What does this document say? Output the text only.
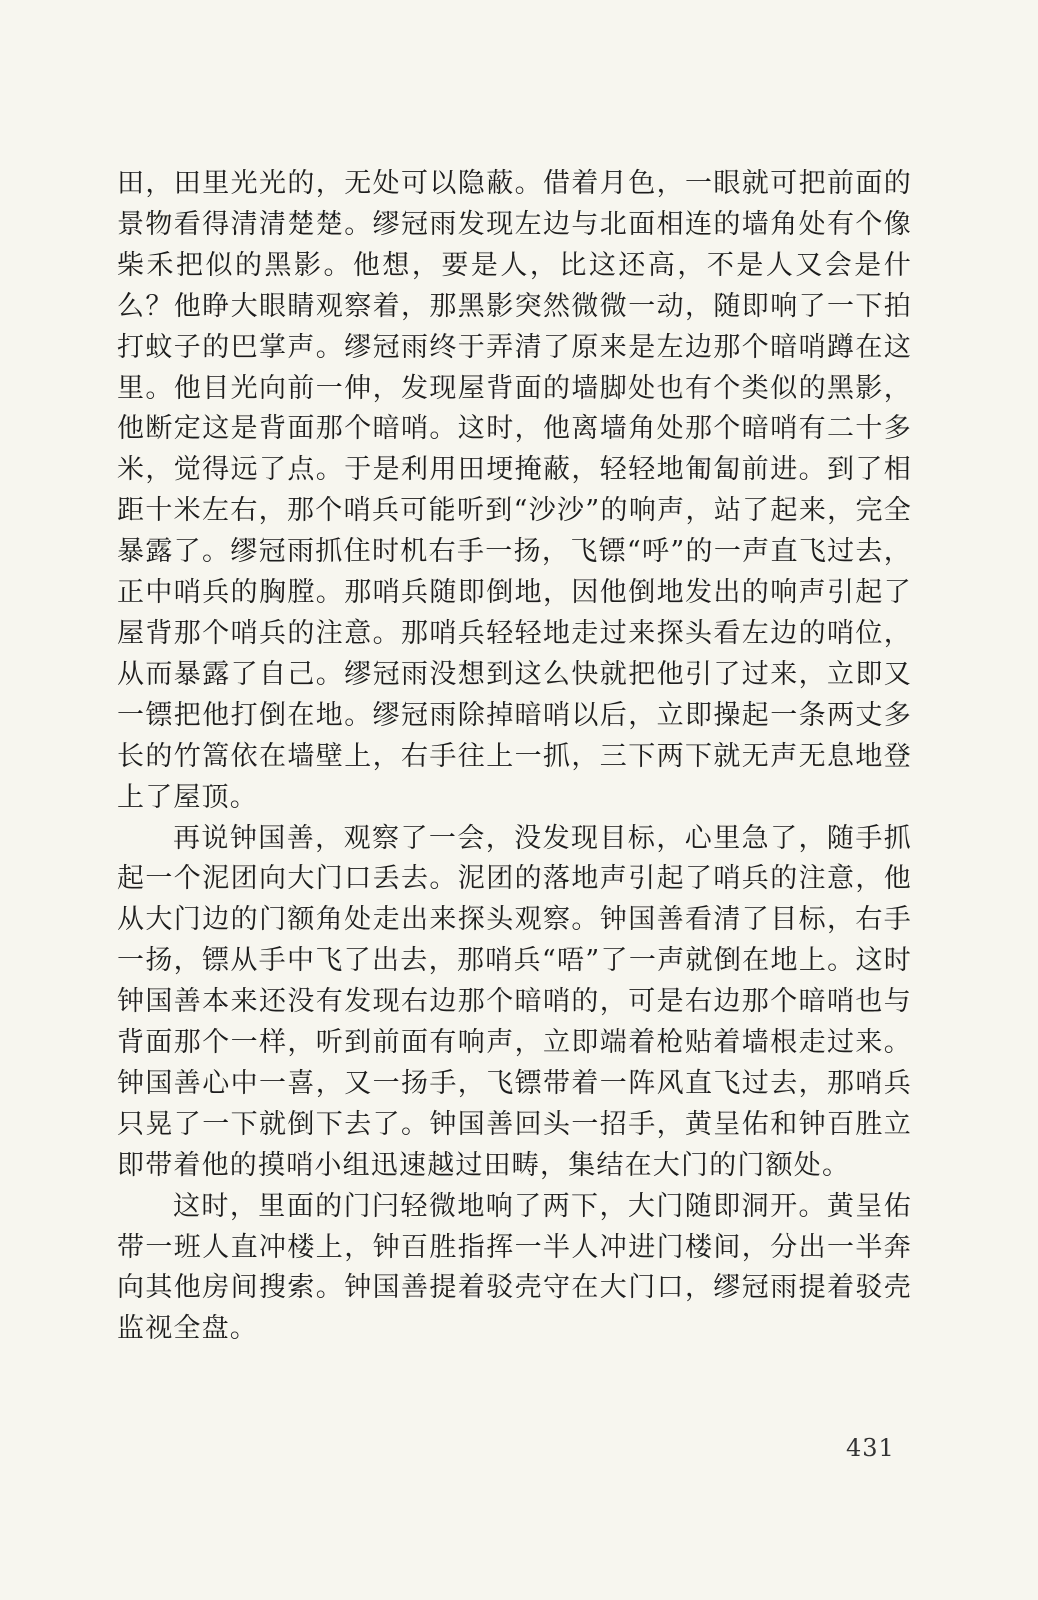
田，田里光光的，无处可以隐蔽。借着月色，一眼就可把前面的景物看得清清楚楚。缪冠雨发现左边与北面相连的墙角处有个像柴禾把似的黑影。他想，要是人，比这还高，不是人又会是什么？他睁大眼睛观察着，那黑影突然微微一动，随即响了一下拍打蚊子的巴掌声。缪冠雨终于弄清了原来是左边那个暗哨蹲在这里。他目光向前一伸，发现屋背面的墙脚处也有个类似的黑影，他断定这是背面那个暗哨。这时，他离墙角处那个暗哨有二十多米，觉得远了点。于是利用田埂掩蔽，轻轻地匍匐前进。到了相距十米左右，那个哨兵可能听到“沙沙”的响声，站了起来，完全暴露了。缪冠雨抓住时机右手一扬，飞镖“呼”的一声直飞过去，正中哨兵的胸膛。那哨兵随即倒地，因他倒地发出的响声引起了屋背那个哨兵的注意。那哨兵轻轻地走过来探头看左边的哨位，从而暴露了自己。缪冠雨没想到这么快就把他引了过来，立即又一镖把他打倒在地。缪冠雨除掉暗哨以后，立即操起一条两丈多长的竹篙依在墙壁上，右手往上一抓，三下两下就无声无息地登上了屋顶。

再说钟国善，观察了一会，没发现目标，心里急了，随手抓起一个泥团向大门口丢去。泥团的落地声引起了哨兵的注意，他从大门边的门额角处走出来探头观察。钟国善看清了目标，右手一扬，镖从手中飞了出去，那哨兵“唔”了一声就倒在地上。这时钟国善本来还没有发现右边那个暗哨的，可是右边那个暗哨也与背面那个一样，听到前面有响声，立即端着枪贴着墙根走过来。钟国善心中一喜，又一扬手，飞镖带着一阵风直飞过去，那哨兵只晃了一下就倒下去了。钟国善回头一招手，黄呈佑和钟百胜立即带着他的摸哨小组迅速越过田畴，集结在大门的门额处。

这时，里面的门闩轻微地响了两下，大门随即洞开。黄呈佑带一班人直冲楼上，钟百胜指挥一半人冲进门楼间，分出一半奔向其他房间搜索。钟国善提着驳壳守在大门口，缪冠雨提着驳壳监视全盘。

431
